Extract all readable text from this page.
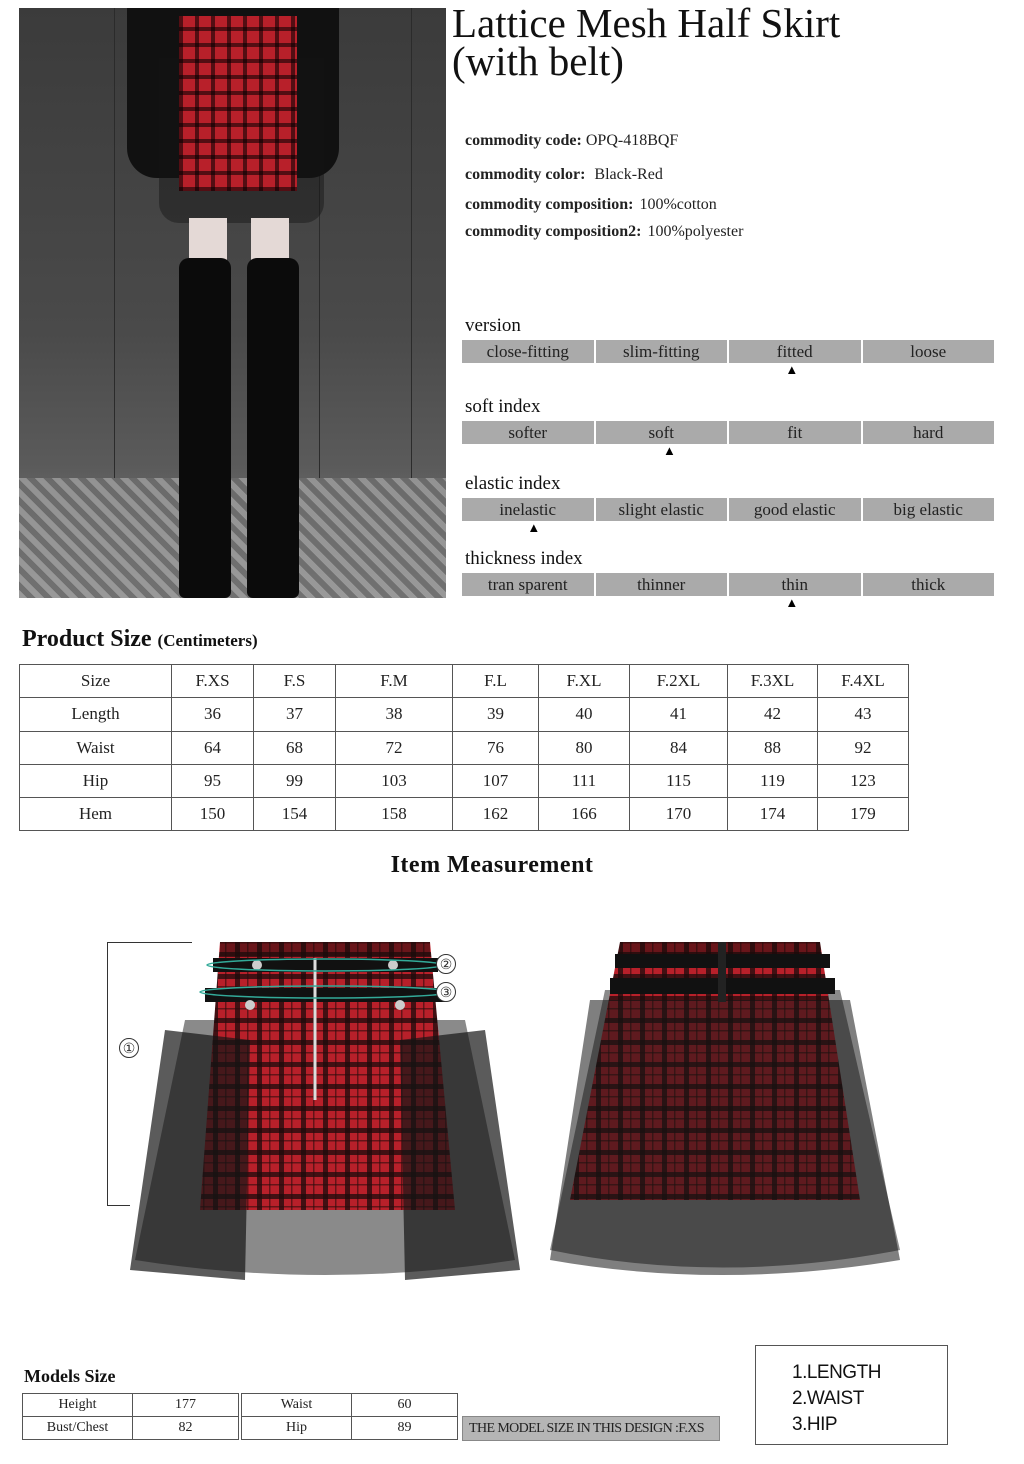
Lattice Mesh Half Skirt
(with belt)
commodity code: OPQ-418BQF
commodity color: Black-Red
commodity composition: 100%cotton
commodity composition2: 100%polyester
version
close-fitting	slim-fitting	fitted	loose
▲
soft index
softer	soft	fit	hard
▲
elastic index
inelastic	slight elastic	good elastic	big elastic
▲
thickness index
tran sparent	thinner	thin	thick
▲
Product Size (Centimeters)
Size	F.XS	F.S	F.M	F.L	F.XL	F.2XL	F.3XL	F.4XL
Length	36	37	38	39	40	41	42	43
Waist	64	68	72	76	80	84	88	92
Hip	95	99	103	107	111	115	119	123
Hem	150	154	158	162	166	170	174	179
Item Measurement
①
②
③
Models Size
Height	177
Bust/Chest	82
Waist	60
Hip	89	THE MODEL SIZE IN THIS DESIGN :F.XS
1.LENGTH
2.WAIST
3.HIP
